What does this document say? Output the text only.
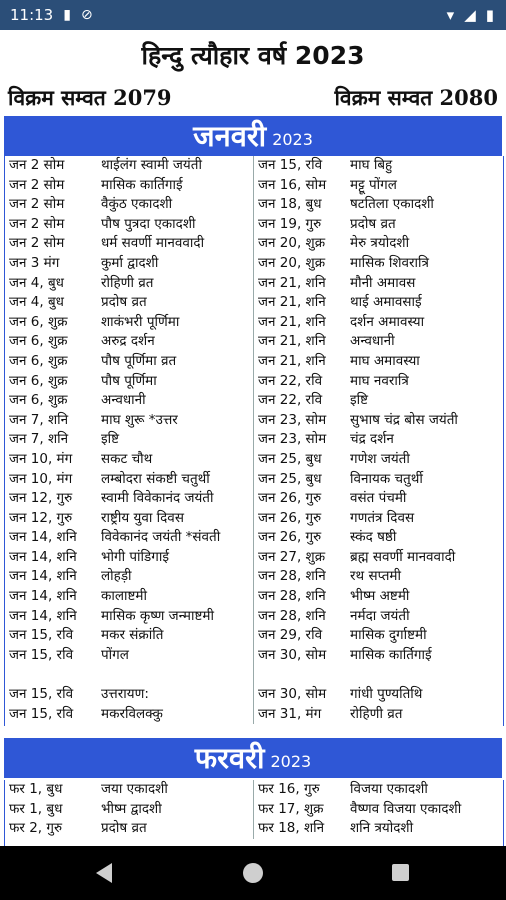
11:13 ▮ ⊘	▾ ◢ ▮
हिन्दु त्यौहार वर्ष 2023
विक्रम सम्वत 2079	विक्रम सम्वत 2080
जनवरी 2023
जन 2 सोम	थाईलंग स्वामी जयंती
जन 2 सोम	मासिक कार्तिगाई
जन 2 सोम	वैकुंठ एकादशी
जन 2 सोम	पौष पुत्रदा एकादशी
जन 2 सोम	धर्म सवर्णी मानववादी
जन 3 मंग	कुर्मा द्वादशी
जन 4, बुध	रोहिणी व्रत
जन 4, बुध	प्रदोष व्रत
जन 6, शुक्र शाकंभरी पूर्णिमा
जन 6, शुक्र अरुद्र दर्शन
जन 6, शुक्र पौष पूर्णिमा व्रत
जन 6, शुक्र पौष पूर्णिमा
जन 6, शुक्र अन्वधानी
जन 7, शनि माघ शुरू *उत्तर
जन 7, शनि इष्टि
जन 10, मंग सकट चौथ
जन 10, मंग लम्बोदरा संकष्टी चतुर्थी
जन 12, गुरु स्वामी विवेकानंद जयंती
जन 12, गुरु राष्ट्रीय युवा दिवस
जन 14, शनि विवेकानंद जयंती *संवती
जन 14, शनि भोगी पांडिगाई
जन 14, शनि लोहड़ी
जन 14, शनि कालाष्टमी
जन 14, शनि मासिक कृष्ण जन्माष्टमी
जन 15, रवि मकर संक्रांति
जन 15, रवि पोंगल
जन 15, रवि उत्तरायण:
जन 15, रवि मकरविलक्कु
जन 15, रवि माघ बिहु
जन 16, सोम मट्टू पोंगल
जन 18, बुध षटतिला एकादशी
जन 19, गुरु प्रदोष व्रत
जन 20, शुक्र मेरु त्रयोदशी
जन 20, शुक्र मासिक शिवरात्रि
जन 21, शनि मौनी अमावस
जन 21, शनि थाई अमावसाई
जन 21, शनि दर्शन अमावस्या
जन 21, शनि अन्वधानी
जन 21, शनि माघ अमावस्या
जन 22, रवि माघ नवरात्रि
जन 22, रवि इष्टि
जन 23, सोम सुभाष चंद्र बोस जयंती
जन 23, सोम चंद्र दर्शन
जन 25, बुध गणेश जयंती
जन 25, बुध विनायक चतुर्थी
जन 26, गुरु वसंत पंचमी
जन 26, गुरु गणतंत्र दिवस
जन 26, गुरु स्कंद षष्ठी
जन 27, शुक्र ब्रह्म सवर्णी मानववादी
जन 28, शनि रथ सप्तमी
जन 28, शनि भीष्म अष्टमी
जन 28, शनि नर्मदा जयंती
जन 29, रवि मासिक दुर्गाष्टमी
जन 30, सोम मासिक कार्तिगाई
जन 30, सोम गांधी पुण्यतिथि
जन 31, मंग रोहिणी व्रत
फरवरी 2023
फर 1, बुध	जया एकादशी
फर 1, बुध	भीष्म द्वादशी
फर 2, गुरु	प्रदोष व्रत
फर 16, गुरु विजया एकादशी
फर 17, शुक्र वैष्णव विजया एकादशी
फर 18, शनि शनि त्रयोदशी
